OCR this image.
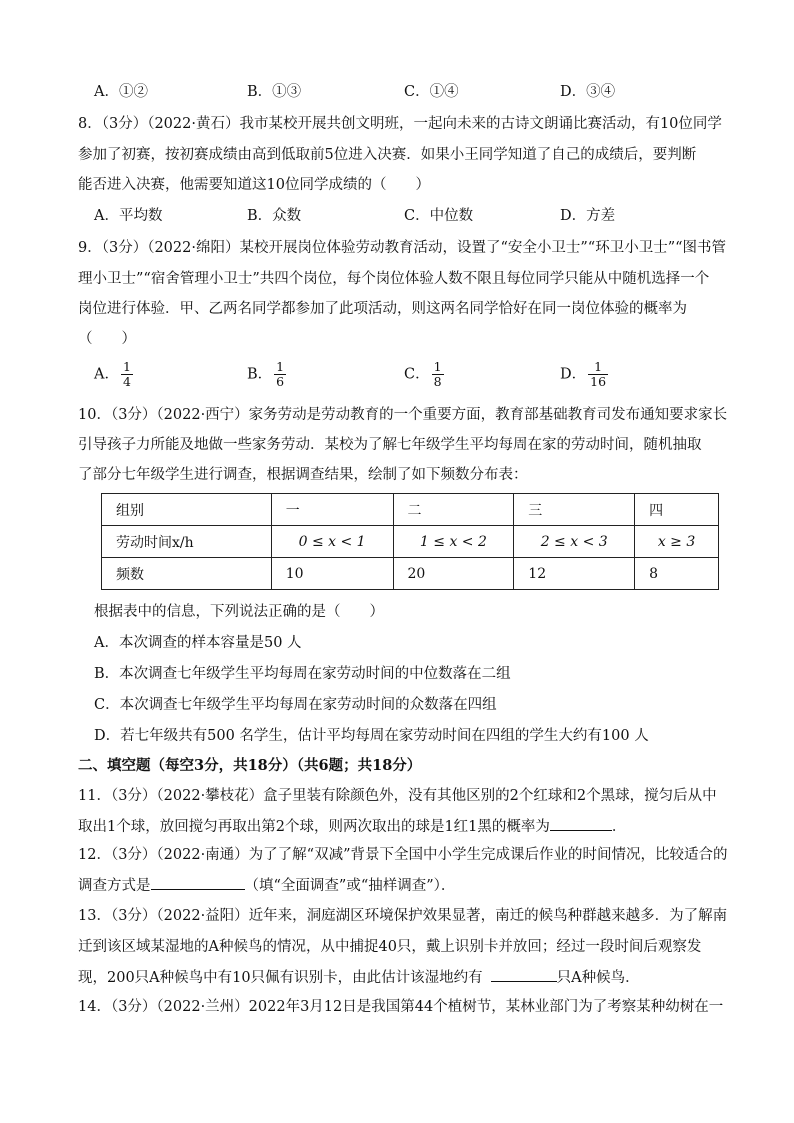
A．①②	B．①③	C．①④	D．③④
8．（3分）（2022·黄石）我市某校开展共创文明班，一起向未来的古诗文朗诵比赛活动，有10位同学
参加了初赛，按初赛成绩由高到低取前5位进入决赛．如果小王同学知道了自己的成绩后，要判断
能否进入决赛，他需要知道这10位同学成绩的（　　）
A．平均数	B．众数	C．中位数	D．方差
9．（3分）（2022·绵阳）某校开展岗位体验劳动教育活动，设置了“安全小卫士”“环卫小卫士”“图书管
理小卫士”“宿舍管理小卫士”共四个岗位，每个岗位体验人数不限且每位同学只能从中随机选择一个
岗位进行体验．甲、乙两名同学都参加了此项活动，则这两名同学恰好在同一岗位体验的概率为
（　　）
A． $\frac{1}{4}$	B． $\frac{1}{6}$	C． $\frac{1}{8}$	D． $\frac{1}{16}$
10．（3分）（2022·西宁）家务劳动是劳动教育的一个重要方面，教育部基础教育司发布通知要求家长
引导孩子力所能及地做一些家务劳动．某校为了解七年级学生平均每周在家的劳动时间，随机抽取
了部分七年级学生进行调查，根据调查结果，绘制了如下频数分布表：
组别	一	二	三	四
劳动时间x/h	0 ≤ x < 1	1 ≤ x < 2	2 ≤ x < 3	x ≥ 3
频数	10	20	12	8
根据表中的信息，下列说法正确的是（　　）
A．本次调查的样本容量是50 人
B．本次调查七年级学生平均每周在家劳动时间的中位数落在二组
C．本次调查七年级学生平均每周在家劳动时间的众数落在四组
D．若七年级共有500 名学生，估计平均每周在家劳动时间在四组的学生大约有100 人
二、填空题（每空3分，共18分）（共6题；共18分）
11．（3分）（2022·攀枝花）盒子里装有除颜色外，没有其他区别的2个红球和2个黑球，搅匀后从中
取出1个球，放回搅匀再取出第2个球，则两次取出的球是1红1黑的概率为	．
12．（3分）（2022·南通）为了了解“双减”背景下全国中小学生完成课后作业的时间情况，比较适合的
调查方式是	（填“全面调查”或“抽样调查”）．
13．（3分）（2022·益阳）近年来，洞庭湖区环境保护效果显著，南迁的候鸟种群越来越多．为了解南
迁到该区域某湿地的A种候鸟的情况，从中捕捉40只，戴上识别卡并放回；经过一段时间后观察发
现，200只A种候鸟中有10只佩有识别卡，由此估计该湿地约有	只A种候鸟．
14．（3分）（2022·兰州）2022年3月12日是我国第44个植树节，某林业部门为了考察某种幼树在一
